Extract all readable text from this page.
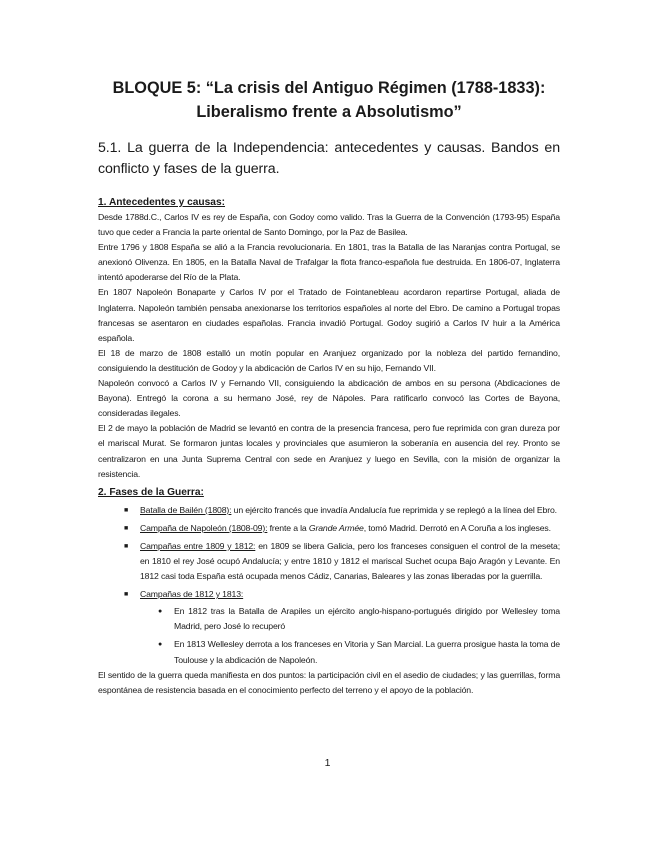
BLOQUE 5: “La crisis del Antiguo Régimen (1788-1833):
Liberalismo frente a Absolutismo”

5.1. La guerra de la Independencia: antecedentes y causas. Bandos en conflicto y fases de la guerra.

1. Antecedentes y causas:

Desde 1788d.C., Carlos IV es rey de España, con Godoy como valido. Tras la Guerra de la Convención (1793-95) España tuvo que ceder a Francia la parte oriental de Santo Domingo, por la Paz de Basilea.

Entre 1796 y 1808 España se alió a la Francia revolucionaria. En 1801, tras la Batalla de las Naranjas contra Portugal, se anexionó Olivenza. En 1805, en la Batalla Naval de Trafalgar la flota franco-española fue destruida. En 1806-07, Inglaterra intentó apoderarse del Río de la Plata.

En 1807 Napoleón Bonaparte y Carlos IV por el Tratado de Fointanebleau acordaron repartirse Portugal, aliada de Inglaterra. Napoleón también pensaba anexionarse los territorios españoles al norte del Ebro. De camino a Portugal tropas francesas se asentaron en ciudades españolas. Francia invadió Portugal. Godoy sugirió a Carlos IV huir a la América española.

El 18 de marzo de 1808 estalló un motín popular en Aranjuez organizado por la nobleza del partido fernandino, consiguiendo la destitución de Godoy y la abdicación de Carlos IV en su hijo, Fernando VII.

Napoleón convocó a Carlos IV y Fernando VII, consiguiendo la abdicación de ambos en su persona (Abdicaciones de Bayona). Entregó la corona a su hermano José, rey de Nápoles. Para ratificarlo convocó las Cortes de Bayona, consideradas ilegales.

El 2 de mayo la población de Madrid se levantó en contra de la presencia francesa, pero fue reprimida con gran dureza por el mariscal Murat. Se formaron juntas locales y provinciales que asumieron la soberanía en ausencia del rey. Pronto se centralizaron en una Junta Suprema Central con sede en Aranjuez y luego en Sevilla, con la misión de organizar la resistencia.

2. Fases de la Guerra:
■ Batalla de Bailén (1808): un ejército francés que invadía Andalucía fue reprimida y se replegó a la línea del Ebro.
■ Campaña de Napoleón (1808-09): frente a la Grande Armée, tomó Madrid. Derrotó en A Coruña a los ingleses.
■ Campañas entre 1809 y 1812: en 1809 se libera Galicia, pero los franceses consiguen el control de la meseta; en 1810 el rey José ocupó Andalucía; y entre 1810 y 1812 el mariscal Suchet ocupa Bajo Aragón y Levante. En 1812 casi toda España está ocupada menos Cádiz, Canarias, Baleares y las zonas liberadas por la guerrilla.
■ Campañas de 1812 y 1813:
● En 1812 tras la Batalla de Arapiles un ejército anglo-hispano-portugués dirigido por Wellesley toma Madrid, pero José lo recuperó
● En 1813 Wellesley derrota a los franceses en Vitoria y San Marcial. La guerra prosigue hasta la toma de Toulouse y la abdicación de Napoleón.

El sentido de la guerra queda manifiesta en dos puntos: la participación civil en el asedio de ciudades; y las guerrillas, forma espontánea de resistencia basada en el conocimiento perfecto del terreno y el apoyo de la población.

1
